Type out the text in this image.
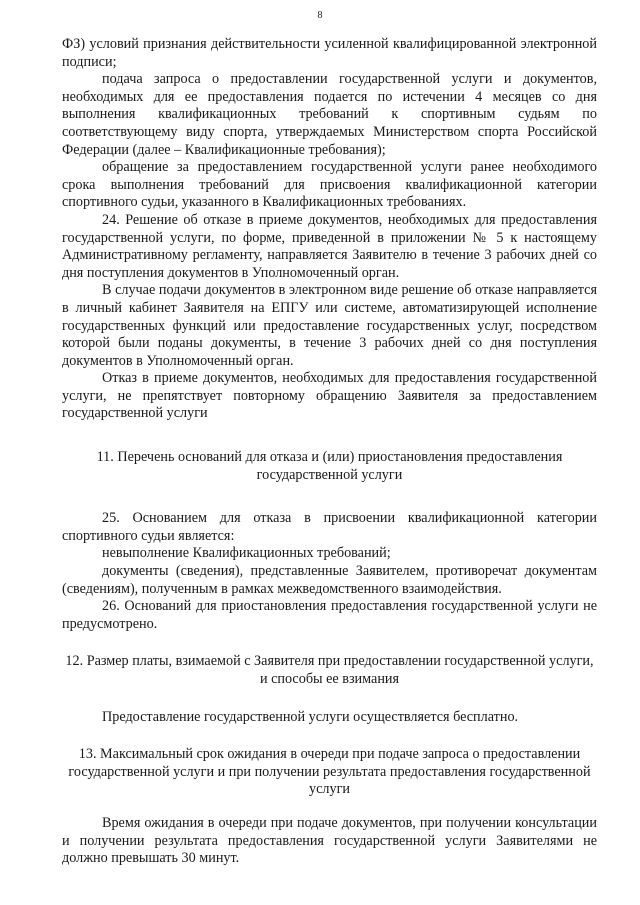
8

ФЗ) условий признания действительности усиленной квалифицированной электронной подписи;

подача запроса о предоставлении государственной услуги и документов, необходимых для ее предоставления подается по истечении 4 месяцев со дня выполнения квалификационных требований к спортивным судьям по соответствующему виду спорта, утверждаемых Министерством спорта Российской Федерации (далее – Квалификационные требования);

обращение за предоставлением государственной услуги ранее необходимого срока выполнения требований для присвоения квалификационной категории спортивного судьи, указанного в Квалификационных требованиях.

24. Решение об отказе в приеме документов, необходимых для предоставления государственной услуги, по форме, приведенной в приложении № 5 к настоящему Административному регламенту, направляется Заявителю в течение 3 рабочих дней со дня поступления документов в Уполномоченный орган.

В случае подачи документов в электронном виде решение об отказе направляется в личный кабинет Заявителя на ЕПГУ или системе, автоматизирующей исполнение государственных функций или предоставление государственных услуг, посредством которой были поданы документы, в течение 3 рабочих дней со дня поступления документов в Уполномоченный орган.

Отказ в приеме документов, необходимых для предоставления государственной услуги, не препятствует повторному обращению Заявителя за предоставлением государственной услуги

11. Перечень оснований для отказа и (или) приостановления предоставления государственной услуги

25. Основанием для отказа в присвоении квалификационной категории спортивного судьи является:

невыполнение Квалификационных требований;

документы (сведения), представленные Заявителем, противоречат документам (сведениям), полученным в рамках межведомственного взаимодействия.

26. Оснований для приостановления предоставления государственной услуги не предусмотрено.

12. Размер платы, взимаемой с Заявителя при предоставлении государственной услуги, и способы ее взимания

Предоставление государственной услуги осуществляется бесплатно.

13. Максимальный срок ожидания в очереди при подаче запроса о предоставлении государственной услуги и при получении результата предоставления государственной услуги

Время ожидания в очереди при подаче документов, при получении консультации и получении результата предоставления государственной услуги Заявителями не должно превышать 30 минут.
